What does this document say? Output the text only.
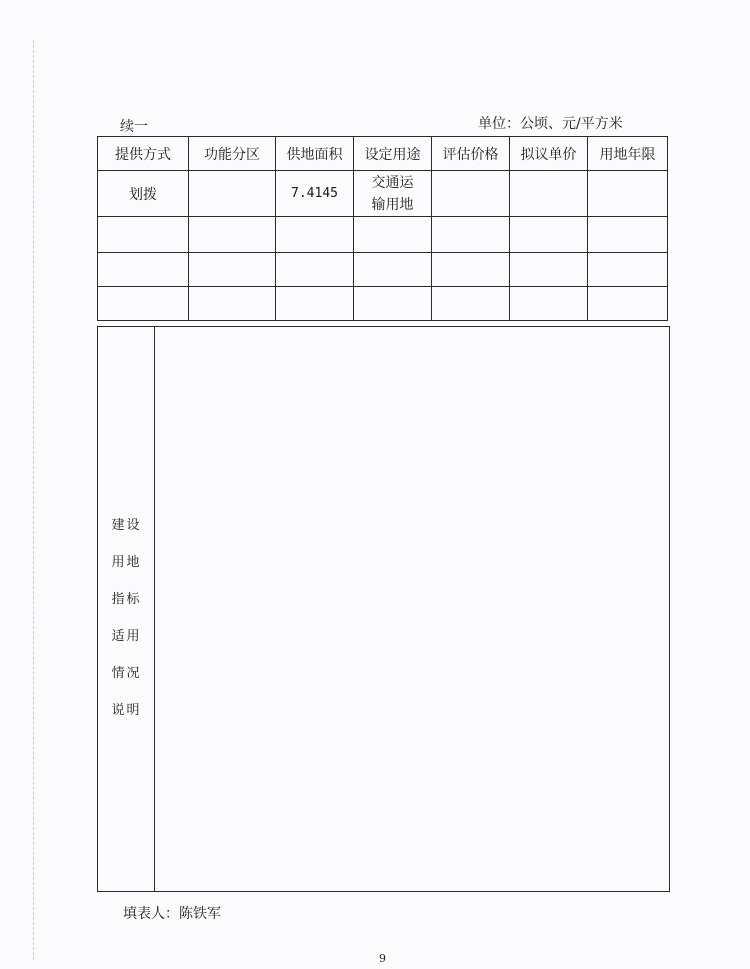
续一	单位：公顷、元/平方米
提供方式	功能分区	供地面积	设定用途	评估价格	拟议单价	用地年限
划拨		7.4145	交通运
输用地			

建设
用地
指标
适用
情况
说明
填表人：陈铁军
9
